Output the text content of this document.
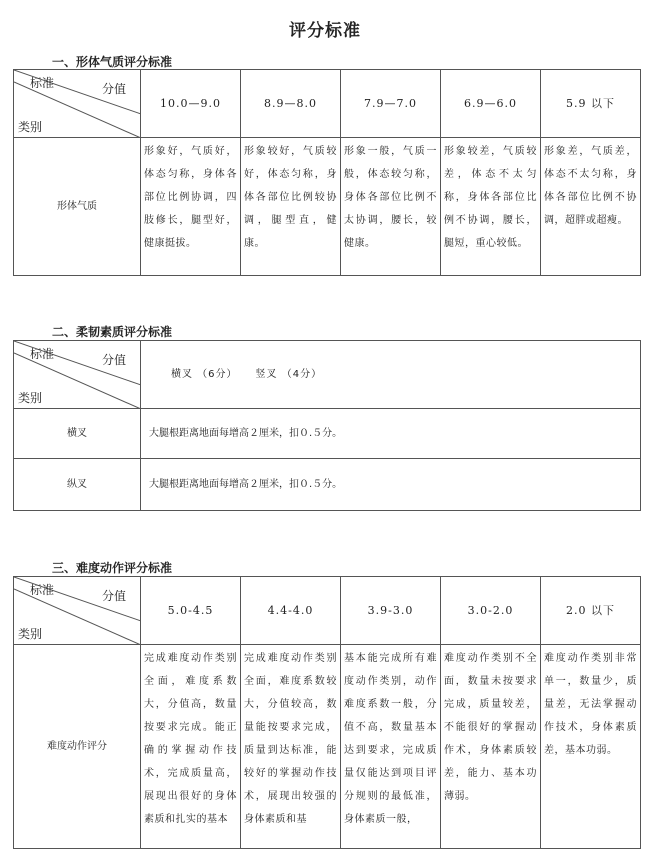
评分标准
一、形体气质评分标准
标准 分值
类别	10.0—9.0	8.9—8.0	7.9—7.0	6.9—6.0	5.9 以下
形体气质	形象好，气质好，体态匀称，身体各 部位比例协调，四肢修长，腿型好，健康挺拔。	形象较好，气质较好，体态匀称，身体各部位比例较协调，腿型直，健康。	形象一般，气质一般，体态较匀称，身体各部位比例不太协调，腰长，较健康。	形象较差，气质较差，体态不太匀称，身体各部位比例不协调，腰长，腿短，重心较低。	形象差，气质差，体态不太匀称，身体各部位比例不协调，超胖或超瘦。
二、柔韧素质评分标准
标准 分值
类别	横叉 （6分） 竖叉 （4分）
横叉	大腿根距离地面每增高２厘米，扣０.５分。
纵叉	大腿根距离地面每增高２厘米，扣０.５分。
三、难度动作评分标准
标准 分值
类别	5.0-4.5	4.4-4.0	3.9-3.0	3.0-2.0	2.0 以下
难度动作评分	完成难度动作类别全面，难度系数大，分值高，数量按要求完成。能正确的掌握动作技术，完成质量高，展现出很好的身体素质和扎实的基本	完成难度动作类别全面，难度系数较大，分值较高，数量能按要求完成，质量到达标准，能较好的掌握动作技术，展现出较强的身体素质和基	基本能完成所有难度动作类别，动作难度系数一般，分值不高，数量基本达到要求，完成质量仅能达到项目评分规则的最低准，身体素质一般，	难度动作类别不全面，数量未按要求完成，质量较差，不能很好的掌握动作术，身体素质较差，能力、基本功薄弱。	难度动作类别非常单一，数量少，质量差，无法掌握动作技术，身体素质差，基本功弱。
